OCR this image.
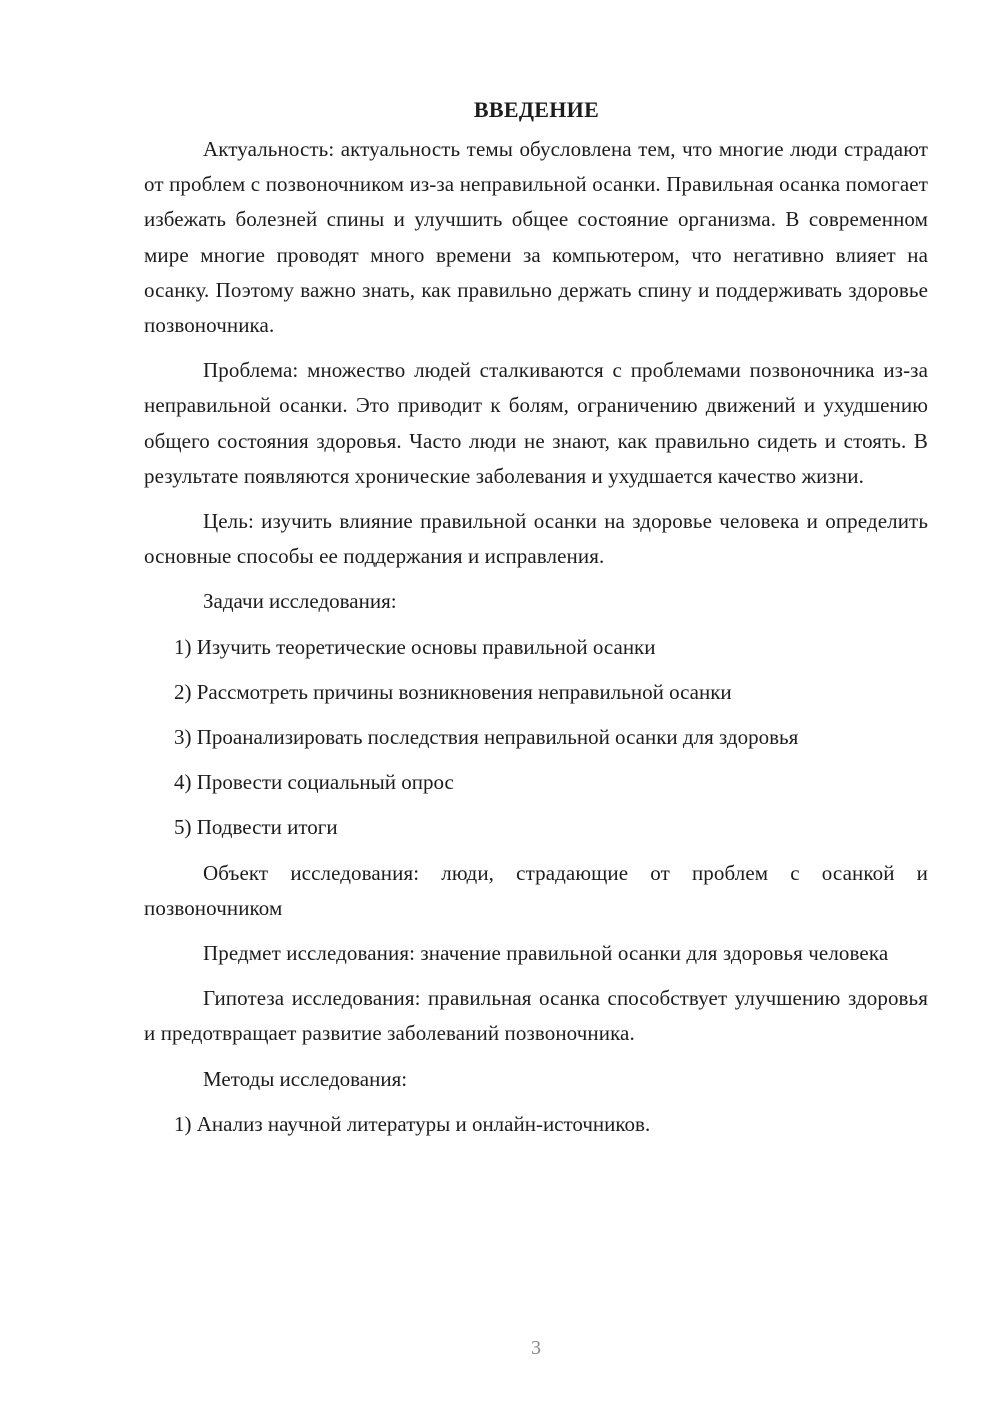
ВВЕДЕНИЕ

Актуальность: актуальность темы обусловлена тем, что многие люди страдают от проблем с позвоночником из-за неправильной осанки. Правильная осанка помогает избежать болезней спины и улучшить общее состояние организма. В современном мире многие проводят много времени за компьютером, что негативно влияет на осанку. Поэтому важно знать, как правильно держать спину и поддерживать здоровье позвоночника.

Проблема: множество людей сталкиваются с проблемами позвоночника из-за неправильной осанки. Это приводит к болям, ограничению движений и ухудшению общего состояния здоровья. Часто люди не знают, как правильно сидеть и стоять. В результате появляются хронические заболевания и ухудшается качество жизни.

Цель: изучить влияние правильной осанки на здоровье человека и определить основные способы ее поддержания и исправления.

Задачи исследования:
1) Изучить теоретические основы правильной осанки
2) Рассмотреть причины возникновения неправильной осанки
3) Проанализировать последствия неправильной осанки для здоровья
4) Провести социальный опрос
5) Подвести итоги

Объект исследования: люди, страдающие от проблем с осанкой и позвоночником

Предмет исследования: значение правильной осанки для здоровья человека

Гипотеза исследования: правильная осанка способствует улучшению здоровья и предотвращает развитие заболеваний позвоночника.

Методы исследования:
1) Анализ научной литературы и онлайн-источников.
3
